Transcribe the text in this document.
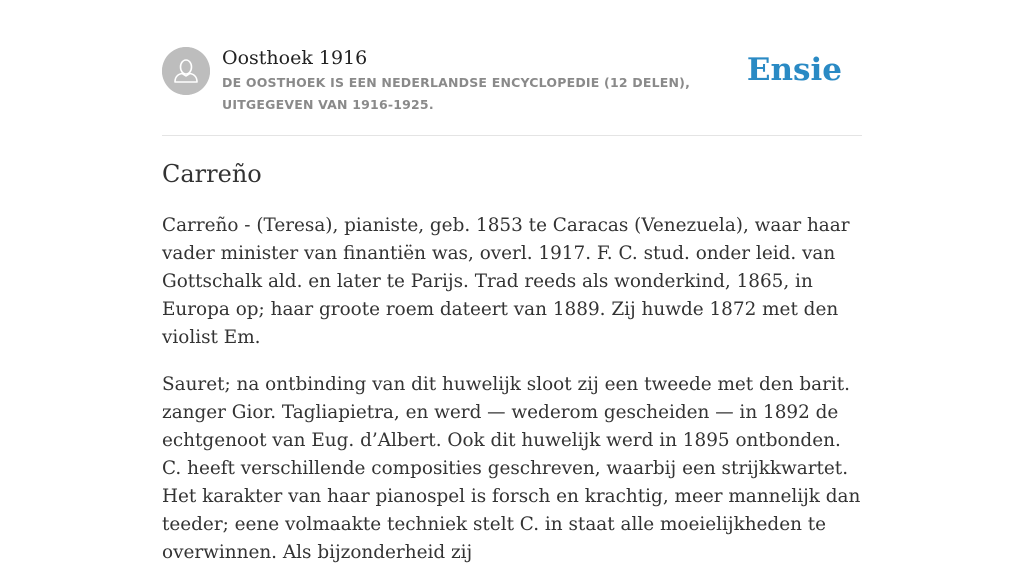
Oosthoek 1916
DE OOSTHOEK IS EEN NEDERLANDSE ENCYCLOPEDIE (12 DELEN), UITGEGEVEN VAN 1916-1925.
Ensie
Carreño

Carreño - (Teresa), pianiste, geb. 1853 te Caracas (Venezuela), waar haar vader minister van finantiën was, overl. 1917. F. C. stud. onder leid. van Gottschalk ald. en later te Parijs. Trad reeds als wonderkind, 1865, in Europa op; haar groote roem dateert van 1889. Zij huwde 1872 met den violist Em.

Sauret; na ontbinding van dit huwelijk sloot zij een tweede met den barit. zanger Gior. Tagliapietra, en werd — wederom gescheiden — in 1892 de echtgenoot van Eug. d’Albert. Ook dit huwelijk werd in 1895 ontbonden. C. heeft verschillende composities geschreven, waarbij een strijkkwartet. Het karakter van haar pianospel is forsch en krachtig, meer mannelijk dan teeder; eene volmaakte techniek stelt C. in staat alle moeielijkheden te overwinnen. Als bijzonderheid zij
